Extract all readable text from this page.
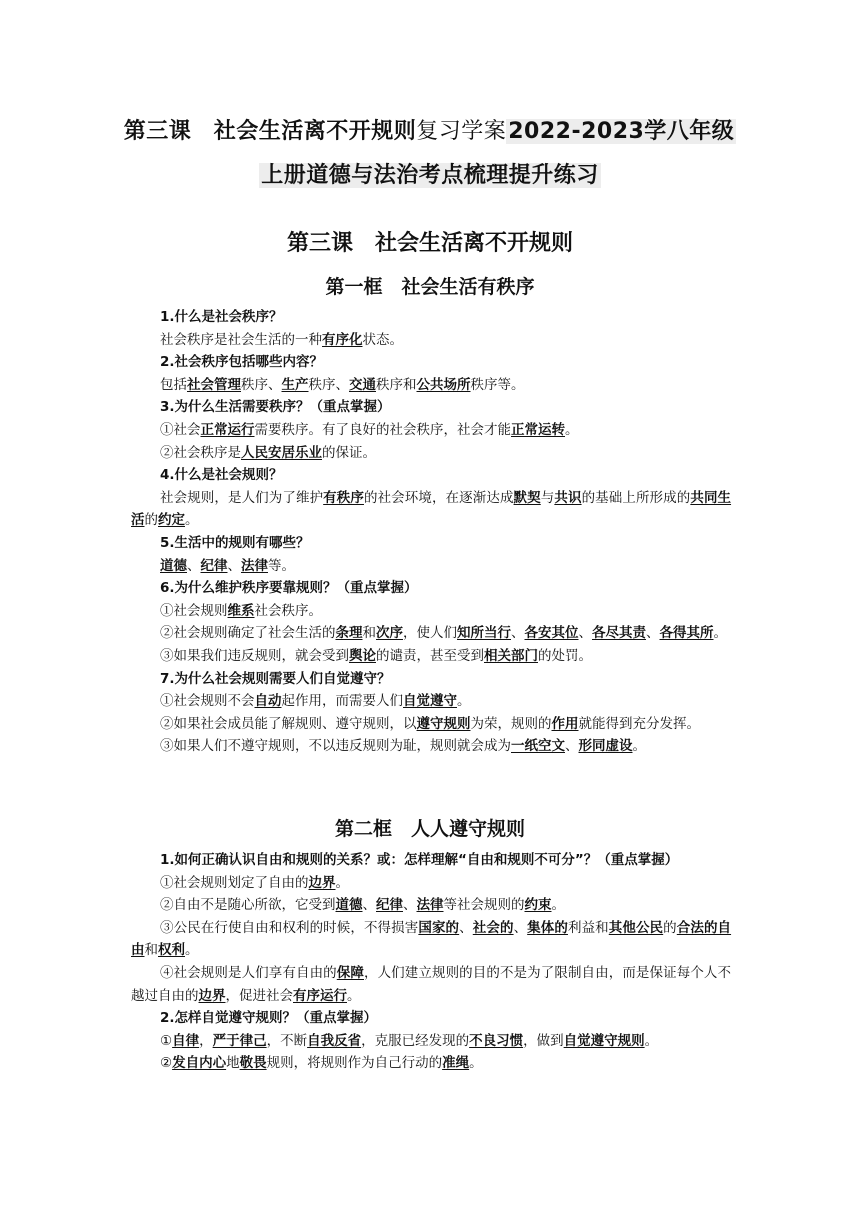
第三课　社会生活离不开规则复习学案2022-2023学八年级
上册道德与法治考点梳理提升练习
第三课　社会生活离不开规则
第一框　社会生活有秩序

1.什么是社会秩序？

社会秩序是社会生活的一种有序化状态。

2.社会秩序包括哪些内容？

包括社会管理秩序、生产秩序、交通秩序和公共场所秩序等。

3.为什么生活需要秩序？（重点掌握）

①社会正常运行需要秩序。有了良好的社会秩序，社会才能正常运转。

②社会秩序是人民安居乐业的保证。

4.什么是社会规则？

社会规则，是人们为了维护有秩序的社会环境，在逐渐达成默契与共识的基础上所形成的共同生活的约定。

5.生活中的规则有哪些？

道德、纪律、法律等。

6.为什么维护秩序要靠规则？（重点掌握）

①社会规则维系社会秩序。

②社会规则确定了社会生活的条理和次序，使人们知所当行、各安其位、各尽其责、各得其所。

③如果我们违反规则，就会受到舆论的谴责，甚至受到相关部门的处罚。

7.为什么社会规则需要人们自觉遵守？

①社会规则不会自动起作用，而需要人们自觉遵守。

②如果社会成员能了解规则、遵守规则，以遵守规则为荣，规则的作用就能得到充分发挥。

③如果人们不遵守规则，不以违反规则为耻，规则就会成为一纸空文、形同虚设。

第二框　人人遵守规则

1.如何正确认识自由和规则的关系？或：怎样理解“自由和规则不可分”？（重点掌握）

①社会规则划定了自由的边界。

②自由不是随心所欲，它受到道德、纪律、法律等社会规则的约束。

③公民在行使自由和权利的时候，不得损害国家的、社会的、集体的利益和其他公民的合法的自由和权利。

④社会规则是人们享有自由的保障，人们建立规则的目的不是为了限制自由，而是保证每个人不越过自由的边界，促进社会有序运行。

2.怎样自觉遵守规则？（重点掌握）

①自律，严于律己，不断自我反省，克服已经发现的不良习惯，做到自觉遵守规则。

②发自内心地敬畏规则，将规则作为自己行动的准绳。
